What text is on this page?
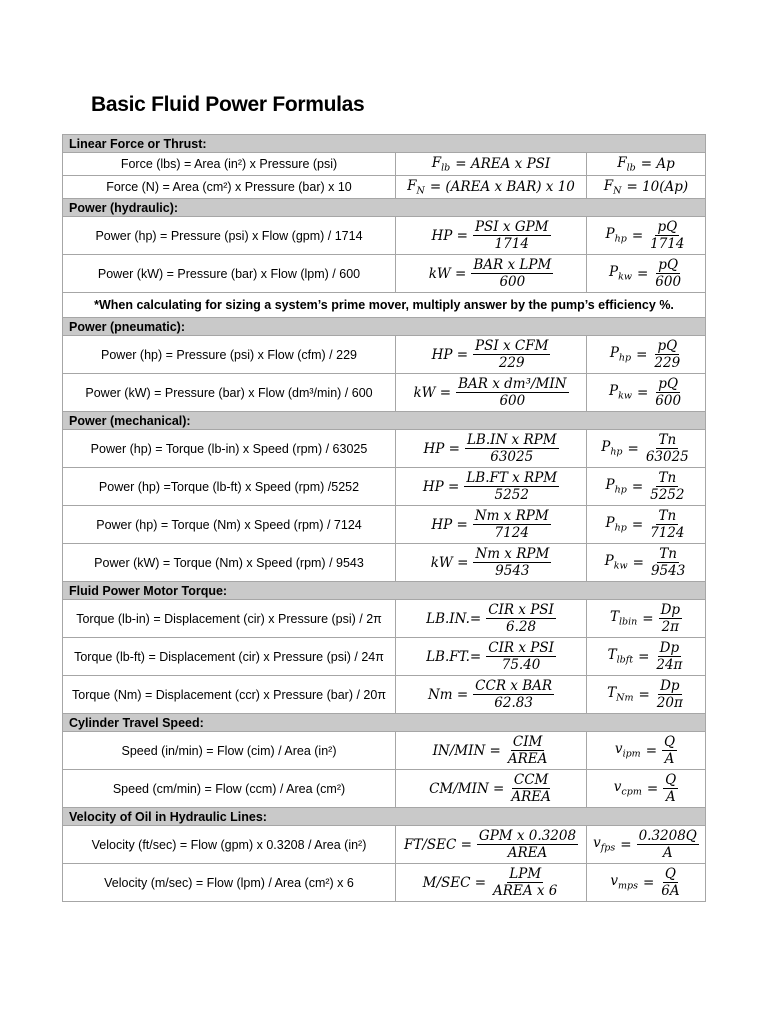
Basic Fluid Power Formulas
Linear Force or Thrust:		
Force (lbs) = Area (in²) x Pressure (psi)	$F_{lb}$ = AREA x PSI	$F_{lb} = Ap$

Force (N) = Area (cm²) x Pressure (bar) x 10	$F_N$ = (AREA x BAR) x 10	$F_N = 10(Ap)$

Power (hydraulic):		
Power (hp) = Pressure (psi) x Flow (gpm) / 1714	HP = $\frac{\text{PSI x GPM}}{1714}$	$P_{hp} = \frac{pQ}{1714}$

Power (kW) = Pressure (bar) x Flow (lpm) / 600	kW = $\frac{\text{BAR x LPM}}{600}$	$P_{kw} = \frac{pQ}{600}$

*When calculating for sizing a system’s prime mover, multiply answer by the pump’s efficiency %.		
Power (pneumatic):		
Power (hp) = Pressure (psi) x Flow (cfm) / 229	HP = $\frac{\text{PSI x CFM}}{229}$	$P_{hp} = \frac{pQ}{229}$

Power (kW) = Pressure (bar) x Flow (dm³/min) / 600	kW = $\frac{\text{BAR x dm³/MIN}}{600}$	$P_{kw} = \frac{pQ}{600}$

Power (mechanical):		
Power (hp) = Torque (lb-in) x Speed (rpm) / 63025	HP = $\frac{\text{LB.IN x RPM}}{63025}$	$P_{hp} = \frac{Tn}{63025}$

Power (hp) =Torque (lb-ft) x Speed (rpm) /5252	HP = $\frac{\text{LB.FT x RPM}}{5252}$	$P_{hp} = \frac{Tn}{5252}$

Power (hp) = Torque (Nm) x Speed (rpm) / 7124	HP = $\frac{\text{Nm x RPM}}{7124}$	$P_{hp} = \frac{Tn}{7124}$

Power (kW) = Torque (Nm) x Speed (rpm) / 9543	kW = $\frac{\text{Nm x RPM}}{9543}$	$P_{kw} = \frac{Tn}{9543}$

Fluid Power Motor Torque:		
Torque (lb-in) = Displacement (cir) x Pressure (psi) / 2π	$LB.IN.= \frac{\text{CIR x PSI}}{6.28}$	$T_{lbin} = \frac{Dp}{2\pi}$

Torque (lb-ft) = Displacement (cir) x Pressure (psi) / 24π	$LB.FT.= \frac{\text{CIR x PSI}}{75.40}$	$T_{lbft} = \frac{Dp}{24\pi}$

Torque (Nm) = Displacement (ccr) x Pressure (bar) / 20π	$Nm = \frac{\text{CCR x BAR}}{62.83}$	$T_{Nm} = \frac{Dp}{20\pi}$

Cylinder Travel Speed:		
Speed (in/min) = Flow (cim) / Area (in²)	$IN/MIN = \frac{\text{CIM}}{\text{AREA}}$	$v_{ipm} = \frac{Q}{A}$

Speed (cm/min) = Flow (ccm) / Area (cm²)	$CM/MIN = \frac{\text{CCM}}{\text{AREA}}$	$v_{cpm} = \frac{Q}{A}$

Velocity of Oil in Hydraulic Lines:		
Velocity (ft/sec) = Flow (gpm) x 0.3208 / Area (in²)	$FT/SEC = \frac{\text{GPM x 0.3208}}{\text{AREA}}$	$v_{fps} = \frac{0.3208Q}{A}$

Velocity (m/sec) = Flow (lpm) / Area (cm²) x 6	$M/SEC = \frac{\text{LPM}}{\text{AREA x 6}}$	$v_{mps} = \frac{Q}{6A}$
